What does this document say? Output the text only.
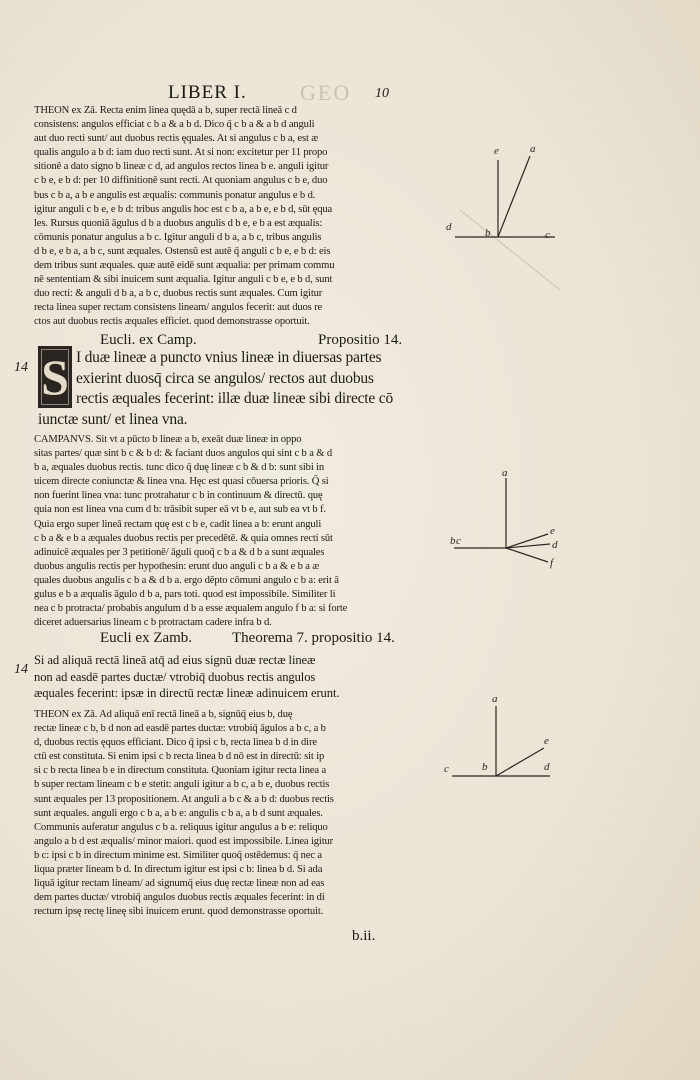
GEO
LIBER I.	10
THEON ex Zā. Recta enim linea quędā a b, super rectā lineā c d
consistens: angulos efficiat c b a & a b d. Dico q̄ c b a & a b d anguli
aut duo recti sunt/ aut duobus rectis ęquales. At si angulus c b a, est æ
qualis angulo a b d: iam duo recti sunt. At si non: excitetur per 11 propo
sitionē a dato signo b lineæ c d, ad angulos rectos linea b e. anguli igitur
c b e, e b d: per 10 diffinitionē sunt recti. At quoniam angulus c b e, duo
bus c b a, a b e angulis est æqualis: communis ponatur angulus e b d.
igitur anguli c b e, e b d: tribus angulis hoc est c b a, a b e, e b d, sūt ęqua
les. Rursus quoniā āgulus d b a duobus angulis d b e, e b a est æqualis:
cōmunis ponatur angulus a b c. Igitur anguli d b a, a b c, tribus angulis
d b e, e b a, a b c, sunt æquales. Ostensū est autē q̄ anguli c b e, e b d: eis
dem tribus sunt æquales. quæ autē eidē sunt æqualia: per primam commu
nē sententiam & sibi inuicem sunt æqualia. Igitur anguli c b e, e b d, sunt
duo recti: & anguli d b a, a b c, duobus rectis sunt æquales. Cum igitur
recta linea super rectam consistens lineam/ angulos fecerit: aut duos re
ctos aut duobus rectis æquales efficiet. quod demonstrasse oportuit.
Eucli. ex Camp.	Propositio 14.
14 S I duæ lineæ a puncto vnius lineæ in diuersas partes
exierint duosq̄ circa se angulos/ rectos aut duobus
rectis æquales fecerint: illæ duæ lineæ sibi directe cō
iunctæ sunt/ et linea vna.
CAMPANVS. Sit vt a pūcto b lineæ a b, exeāt duæ lineæ in oppo
sitas partes/ quæ sint b c & b d: & faciant duos angulos qui sint c b a & d
b a, æquales duobus rectis. tunc dico q̄ duę lineæ c b & d b: sunt sibi in
uicem directe coniunctæ & linea vna. Hęc est quasi cōuersa prioris. Q̄ si
non fuerint linea vna: tunc protrahatur c b in continuum & directū. quę
quia non est linea vna cum d b: trāsibit super eā vt b e, aut sub ea vt b f.
Quia ergo super lineā rectam quę est c b e, cadit linea a b: erunt anguli
c b a & e b a æquales duobus rectis per precedētē. & quia omnes recti sūt
adinuicē æquales per 3 petitionē/ āguli quoq̄ c b a & d b a sunt æquales
duobus angulis rectis per hypothesin: erunt duo anguli c b a & e b a æ
quales duobus angulis c b a & d b a. ergo dēpto cōmuni angulo c b a: erit ā
gulus e b a æqualis āgulo d b a, pars toti. quod est impossibile. Similiter li
nea c b protracta/ probabis angulum d b a esse æqualem angulo f b a: si forte
diceret aduersarius lineam c b protractam cadere infra b d.
Eucli ex Zamb.	Theorema 7. propositio 14.
14
Si ad aliquā rectā lineā atq̄ ad eius signū duæ rectæ lineæ
non ad easdē partes ductæ/ vtrobiq̄ duobus rectis angulos
æquales fecerint: ipsæ in directū rectæ lineæ adinuicem erunt.
THEON ex Zā. Ad aliquā enī rectā lineā a b, signūq̄ eius b, duę
rectæ lineæ c b, b d non ad easdē partes ductæ: vtrobiq̄ āgulos a b c, a b
d, duobus rectis ęquos efficiant. Dico q̄ ipsi c b, recta linea b d in dire
ctū est constituta. Si enim ipsi c b recta linea b d nō est in directū: sit ip
si c b recta linea b e in directum constituta. Quoniam igitur recta linea a
b super rectam lineam c b e stetit: anguli igitur a b c, a b e, duobus rectis
sunt æquales per 13 propositionem. At anguli a b c & a b d: duobus rectis
sunt æquales. anguli ergo c b a, a b e: angulis c b a, a b d sunt æquales.
Communis auferatur angulus c b a. reliquus igitur angulus a b e: reliquo
angulo a b d est æqualis/ minor maiori. quod est impossibile. Linea igitur
b c: ipsi c b in directum minime est. Similiter quoq̄ ostēdemus: q̄ nec a
liqua præter lineam b d. In directum igitur est ipsi c b: linea b d. Si ada
liquā igitur rectam lineam/ ad signumq̄ eius duę rectæ lineæ non ad eas
dem partes ductæ/ vtrobiq̄ angulos duobus rectis æquales fecerint: in di
rectum ipsę rectę lineę sibi inuicem erunt. quod demonstrasse oportuit.
b.ii.
e	a
d	b	c
a
e
b c	d
f
a
e
c	b	d
